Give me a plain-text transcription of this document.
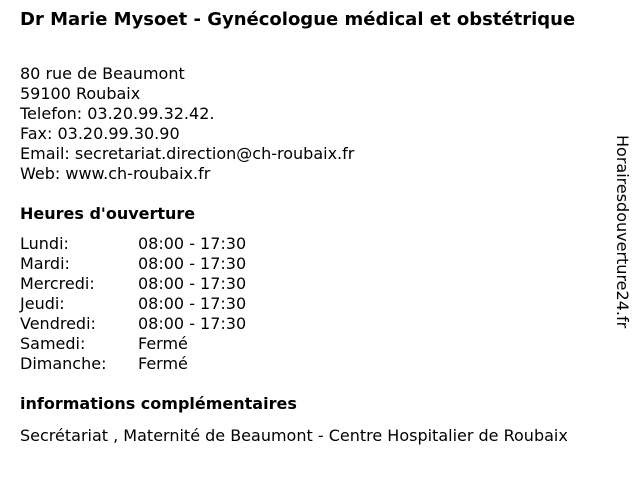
Dr Marie Mysoet - Gynécologue médical et obstétrique
80 rue de Beaumont
59100 Roubaix
Telefon: 03.20.99.32.42.
Fax: 03.20.99.30.90
Email: secretariat.direction@ch-roubaix.fr
Web: www.ch-roubaix.fr
Heures d'ouverture
Lundi:	08:00 - 17:30
Mardi:	08:00 - 17:30
Mercredi:	08:00 - 17:30
Jeudi:	08:00 - 17:30
Vendredi:	08:00 - 17:30
Samedi:	Fermé
Dimanche:	Fermé
informations complémentaires
Secrétariat , Maternité de Beaumont - Centre Hospitalier de Roubaix
Horairesdouverture24.fr
